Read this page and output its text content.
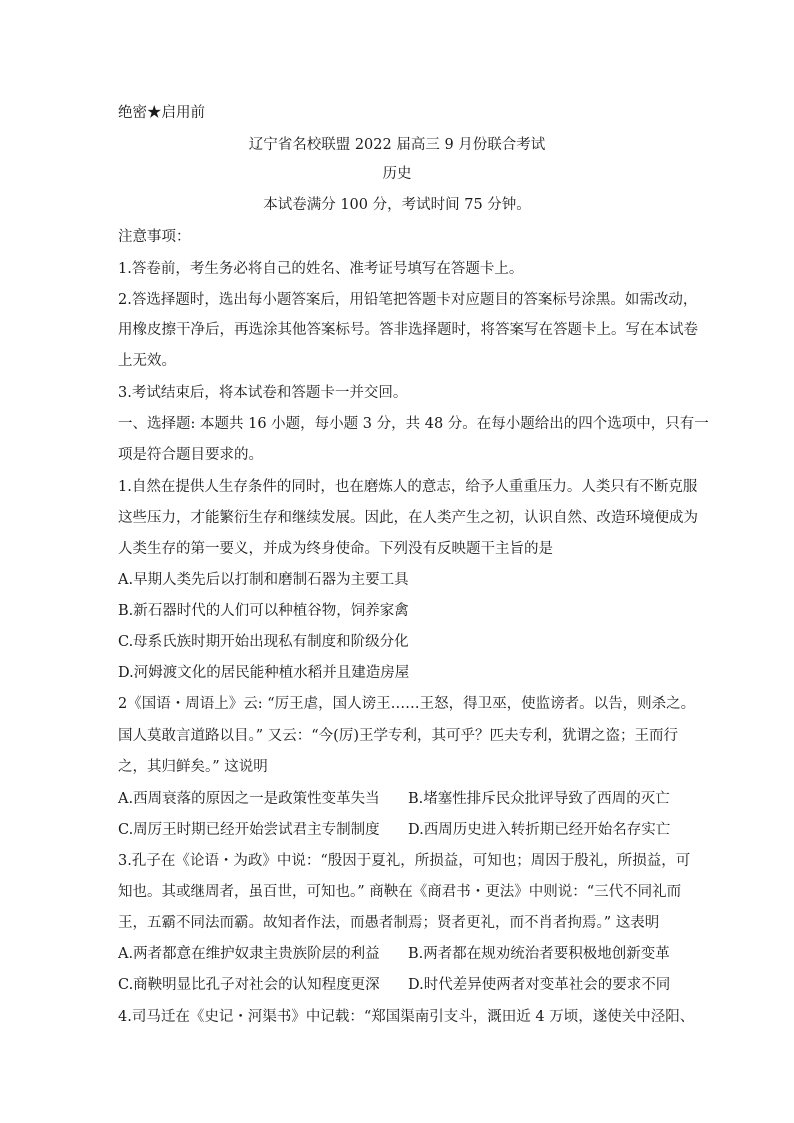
绝密★启用前
辽宁省名校联盟 2022 届高三 9 月份联合考试
历史
本试卷满分 100 分，考试时间 75 分钟。
注意事项：
1.答卷前，考生务必将自己的姓名、准考证号填写在答题卡上。
2.答选择题时，选出每小题答案后，用铅笔把答题卡对应题目的答案标号涂黑。如需改动，
用橡皮擦干净后，再选涂其他答案标号。答非选择题时，将答案写在答题卡上。写在本试卷
上无效。
3.考试结束后，将本试卷和答题卡一并交回。
一、选择题: 本题共 16 小题，每小题 3 分，共 48 分。在每小题给出的四个选项中，只有一
项是符合题目要求的。
1.自然在提供人生存条件的同时，也在磨炼人的意志，给予人重重压力。人类只有不断克服
这些压力，才能繁衍生存和继续发展。因此，在人类产生之初，认识自然、改造环境便成为
人类生存的第一要义，并成为终身使命。下列没有反映题干主旨的是
A.早期人类先后以打制和磨制石器为主要工具
B.新石器时代的人们可以种植谷物，饲养家禽
C.母系氏族时期开始出现私有制度和阶级分化
D.河姆渡文化的居民能种植水稻并且建造房屋
2《国语・周语上》云: “厉王虐，国人谤王……王怒，得卫巫，使监谤者。以告，则杀之。
国人莫敢言道路以目。” 又云：“今(厉)王学专利，其可乎？匹夫专利，犹谓之盗；王而行
之，其归鲜矣。” 这说明
A.西周衰落的原因之一是政策性变革失当 B.堵塞性排斥民众批评导致了西周的灭亡
C.周厉王时期已经开始尝试君主专制制度 D.西周历史进入转折期已经开始名存实亡
3.孔子在《论语・为政》中说：“殷因于夏礼，所损益，可知也；周因于殷礼，所损益，可
知也。其或继周者，虽百世，可知也。” 商鞅在《商君书・更法》中则说：“三代不同礼而
王，五霸不同法而霸。故知者作法，而愚者制焉；贤者更礼，而不肖者拘焉。” 这表明
A.两者都意在维护奴隶主贵族阶层的利益 B.两者都在规劝统治者要积极地创新变革
C.商鞅明显比孔子对社会的认知程度更深 D.时代差异使两者对变革社会的要求不同
4.司马迁在《史记・河渠书》中记载：“郑国渠南引支斗，溉田近 4 万顷，遂使关中泾阳、
